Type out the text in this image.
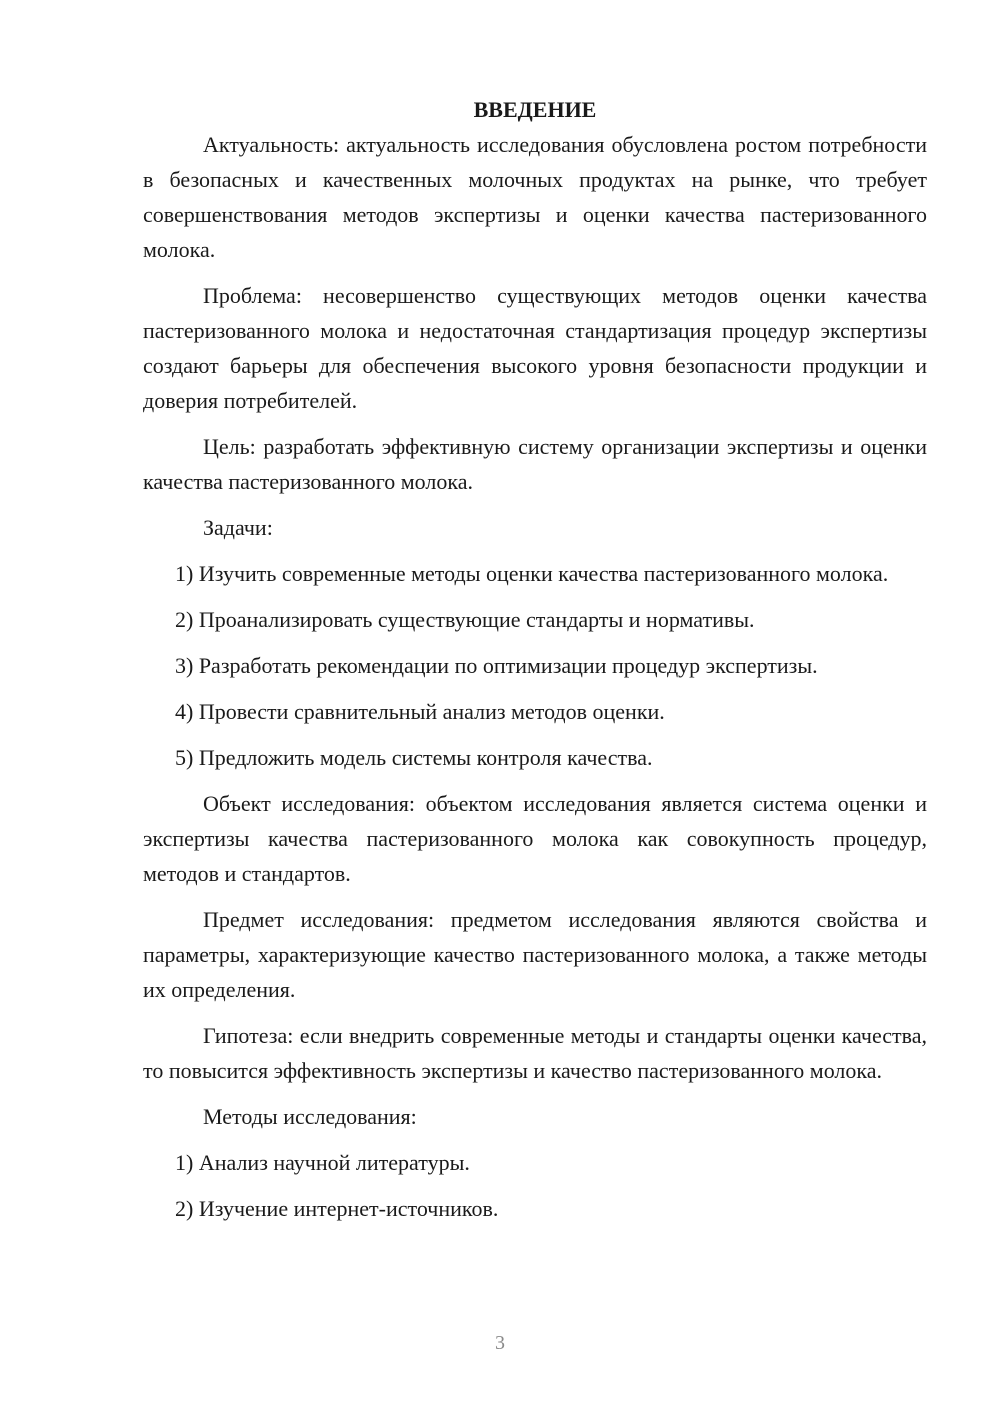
ВВЕДЕНИЕ

Актуальность: актуальность исследования обусловлена ростом потребности в безопасных и качественных молочных продуктах на рынке, что требует совершенствования методов экспертизы и оценки качества пастеризованного молока.

Проблема: несовершенство существующих методов оценки качества пастеризованного молока и недостаточная стандартизация процедур экспертизы создают барьеры для обеспечения высокого уровня безопасности продукции и доверия потребителей.

Цель: разработать эффективную систему организации экспертизы и оценки качества пастеризованного молока.

Задачи:

1) Изучить современные методы оценки качества пастеризованного молока.

2) Проанализировать существующие стандарты и нормативы.

3) Разработать рекомендации по оптимизации процедур экспертизы.

4) Провести сравнительный анализ методов оценки.

5) Предложить модель системы контроля качества.

Объект исследования: объектом исследования является система оценки и экспертизы качества пастеризованного молока как совокупность процедур, методов и стандартов.

Предмет исследования: предметом исследования являются свойства и параметры, характеризующие качество пастеризованного молока, а также методы их определения.

Гипотеза: если внедрить современные методы и стандарты оценки качества, то повысится эффективность экспертизы и качество пастеризованного молока.

Методы исследования:

1) Анализ научной литературы.

2) Изучение интернет-источников.

3
